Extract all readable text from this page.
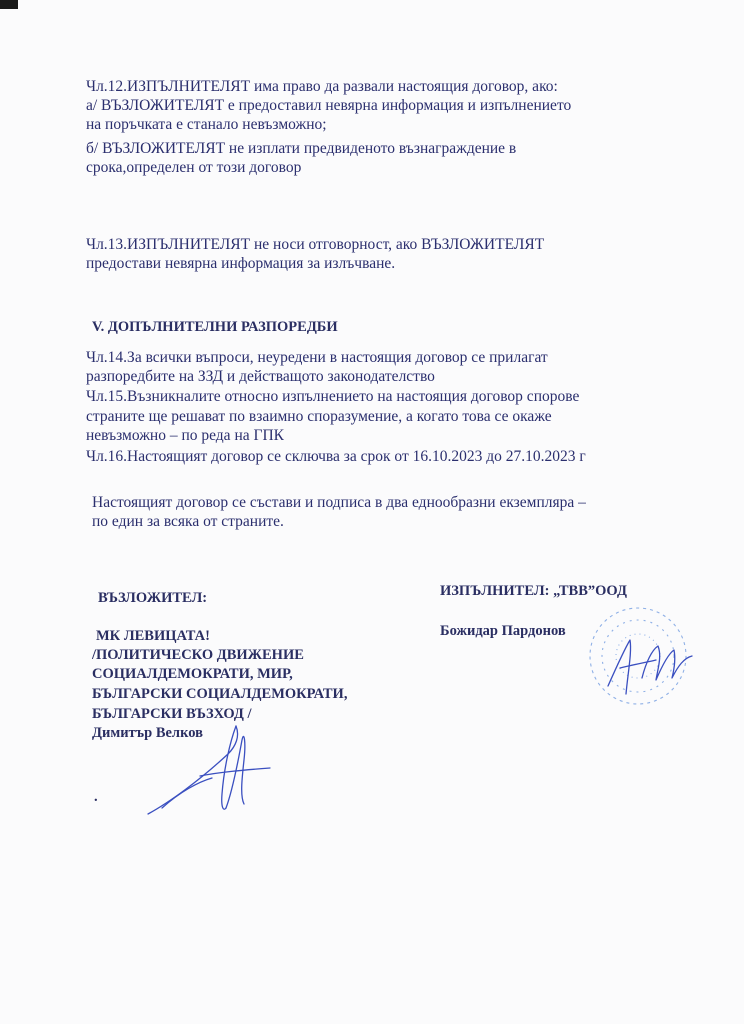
Чл.12.ИЗПЪЛНИТЕЛЯТ има право да развали настоящия договор, ако:
а/ ВЪЗЛОЖИТЕЛЯТ е предоставил невярна информация и изпълнението
на поръчката е станало невъзможно;
б/ ВЪЗЛОЖИТЕЛЯТ не изплати предвиденото възнаграждение в
срока,определен от този договор
Чл.13.ИЗПЪЛНИТЕЛЯТ не носи отговорност, ако ВЪЗЛОЖИТЕЛЯТ
предостави невярна информация за излъчване.
V. ДОПЪЛНИТЕЛНИ РАЗПОРЕДБИ
Чл.14.За всички въпроси, неуредени в настоящия договор се прилагат
разпоредбите на ЗЗД и действащото законодателство
Чл.15.Възникналите относно изпълнението на настоящия договор спорове
страните ще решават по взаимно споразумение, а когато това се окаже
невъзможно – по реда на ГПК
Чл.16.Настоящият договор се сключва за срок от 16.10.2023 до 27.10.2023 г
Настоящият договор се състави и подписа в два еднообразни екземпляра –
по един за всяка от страните.
ВЪЗЛОЖИТЕЛ:
МК ЛЕВИЦАТА!
/ПОЛИТИЧЕСКО ДВИЖЕНИЕ
СОЦИАЛДЕМОКРАТИ, МИР,
БЪЛГАРСКИ СОЦИАЛДЕМОКРАТИ,
БЪЛГАРСКИ ВЪЗХОД /
Димитър Велков
.
ИЗПЪЛНИТЕЛ: „ТВВ”ООД
Божидар Пардонов
